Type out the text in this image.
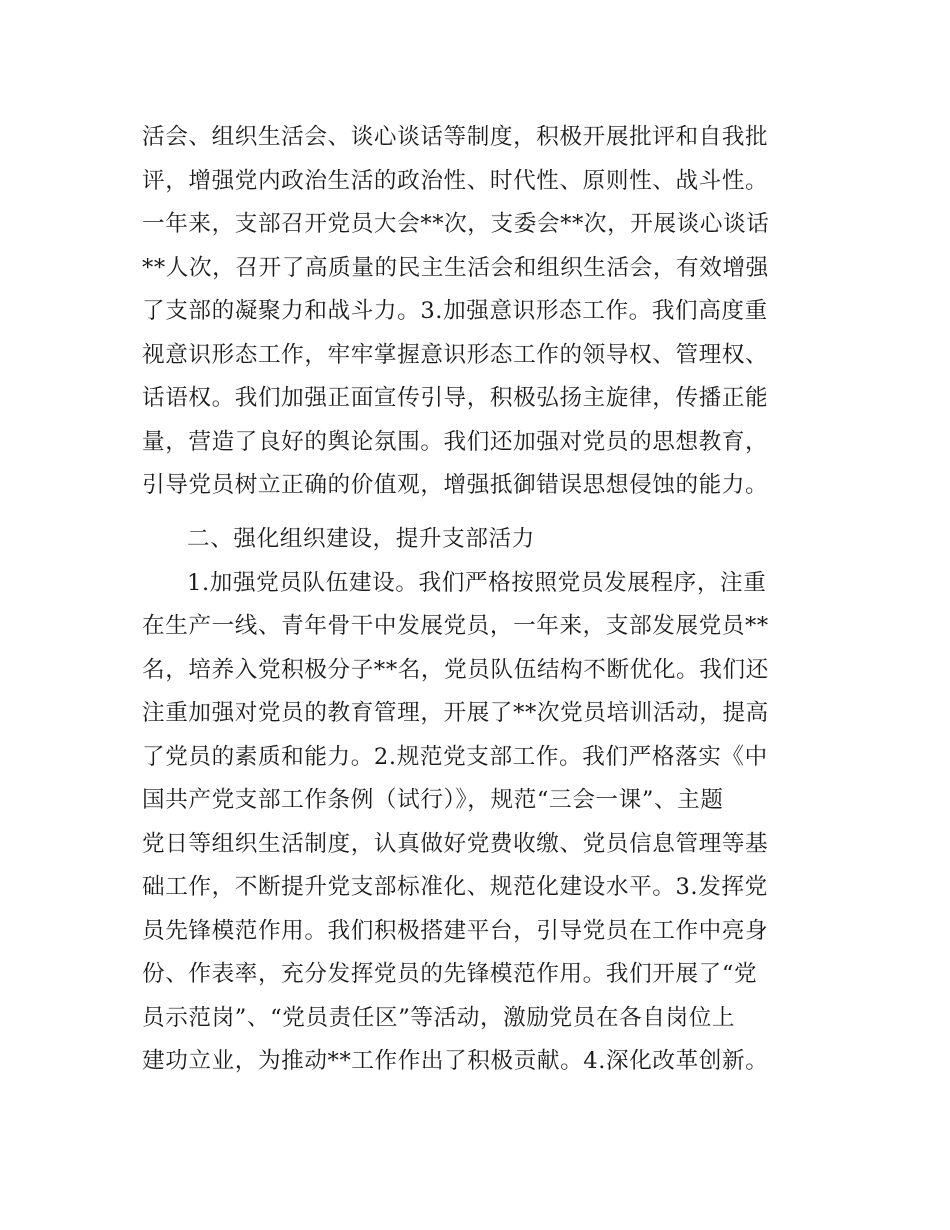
活会、组织生活会、谈心谈话等制度，积极开展批评和自我批
评，增强党内政治生活的政治性、时代性、原则性、战斗性。
一年来，支部召开党员大会**次，支委会**次，开展谈心谈话
**人次，召开了高质量的民主生活会和组织生活会，有效增强
了支部的凝聚力和战斗力。3.加强意识形态工作。我们高度重
视意识形态工作，牢牢掌握意识形态工作的领导权、管理权、
话语权。我们加强正面宣传引导，积极弘扬主旋律，传播正能
量，营造了良好的舆论氛围。我们还加强对党员的思想教育，
引导党员树立正确的价值观，增强抵御错误思想侵蚀的能力。
二、强化组织建设，提升支部活力
1.加强党员队伍建设。我们严格按照党员发展程序，注重
在生产一线、青年骨干中发展党员，一年来，支部发展党员**
名，培养入党积极分子**名，党员队伍结构不断优化。我们还
注重加强对党员的教育管理，开展了**次党员培训活动，提高
了党员的素质和能力。2.规范党支部工作。我们严格落实《中
国共产党支部工作条例（试行）》，规范“三会一课”、主题
党日等组织生活制度，认真做好党费收缴、党员信息管理等基
础工作，不断提升党支部标准化、规范化建设水平。3.发挥党
员先锋模范作用。我们积极搭建平台，引导党员在工作中亮身
份、作表率，充分发挥党员的先锋模范作用。我们开展了“党
员示范岗”、“党员责任区”等活动，激励党员在各自岗位上
建功立业，为推动**工作作出了积极贡献。4.深化改革创新。
